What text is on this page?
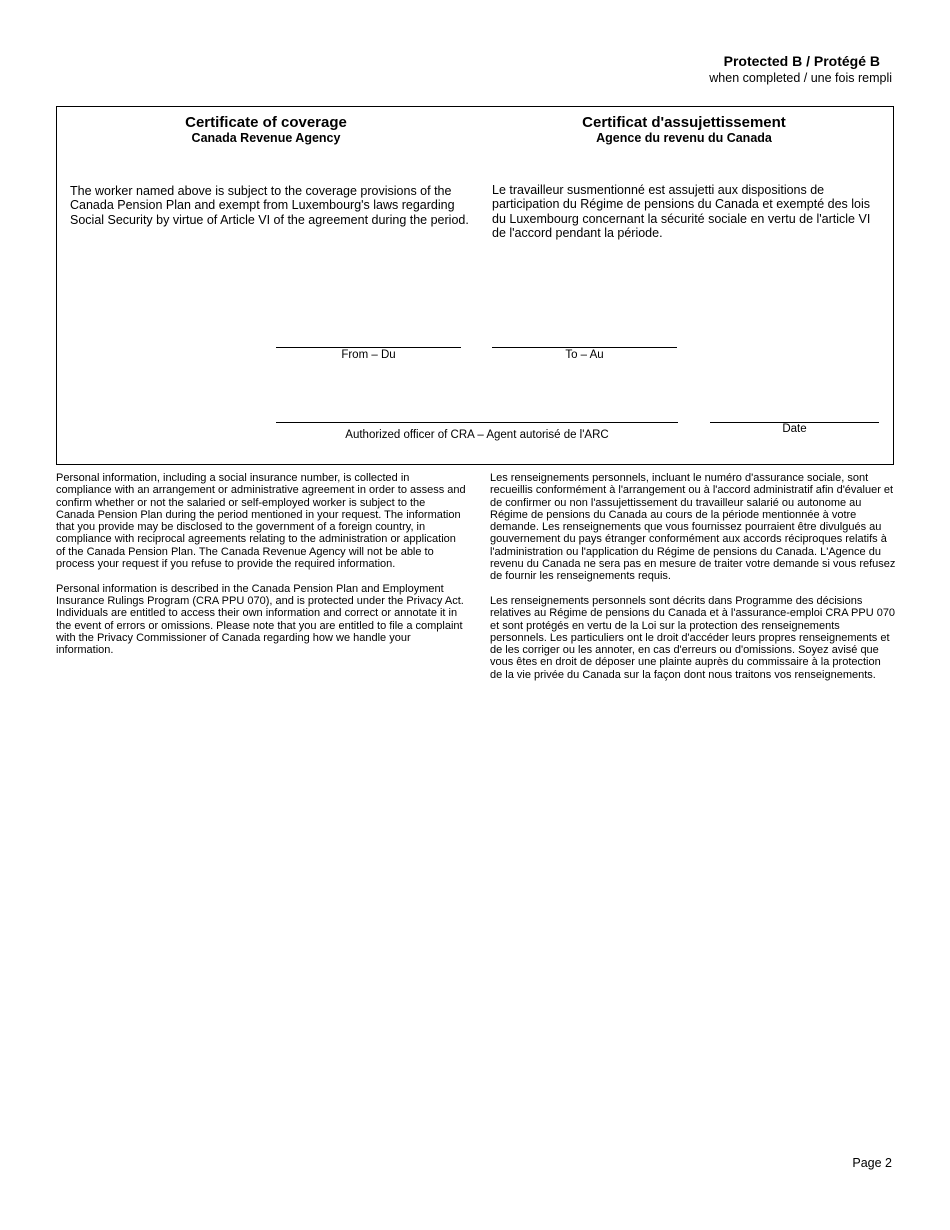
Protected B / Protégé B
when completed / une fois rempli
Certificate of coverage
Canada Revenue Agency
Certificat d'assujettissement
Agence du revenu du Canada
The worker named above is subject to the coverage provisions of the Canada Pension Plan and exempt from Luxembourg's laws regarding Social Security by virtue of Article VI of the agreement during the period.
Le travailleur susmentionné est assujetti aux dispositions de participation du Régime de pensions du Canada et exempté des lois du Luxembourg concernant la sécurité sociale en vertu de l'article VI de l'accord pendant la période.
From – Du	To – Au
Authorized officer of CRA – Agent autorisé de l'ARC	Date

Personal information, including a social insurance number, is collected in compliance with an arrangement or administrative agreement in order to assess and confirm whether or not the salaried or self-employed worker is subject to the Canada Pension Plan during the period mentioned in your request. The information that you provide may be disclosed to the government of a foreign country, in compliance with reciprocal agreements relating to the administration or application of the Canada Pension Plan. The Canada Revenue Agency will not be able to process your request if you refuse to provide the required information.

Personal information is described in the Canada Pension Plan and Employment Insurance Rulings Program (CRA PPU 070), and is protected under the Privacy Act. Individuals are entitled to access their own information and correct or annotate it in the event of errors or omissions. Please note that you are entitled to file a complaint with the Privacy Commissioner of Canada regarding how we handle your information.

Les renseignements personnels, incluant le numéro d'assurance sociale, sont recueillis conformément à l'arrangement ou à l'accord administratif afin d'évaluer et de confirmer ou non l'assujettissement du travailleur salarié ou autonome au Régime de pensions du Canada au cours de la période mentionnée à votre demande. Les renseignements que vous fournissez pourraient être divulgués au gouvernement du pays étranger conformément aux accords réciproques relatifs à l'administration ou l'application du Régime de pensions du Canada. L'Agence du revenu du Canada ne sera pas en mesure de traiter votre demande si vous refusez de fournir les renseignements requis.

Les renseignements personnels sont décrits dans Programme des décisions relatives au Régime de pensions du Canada et à l'assurance-emploi CRA PPU 070 et sont protégés en vertu de la Loi sur la protection des renseignements personnels. Les particuliers ont le droit d'accéder leurs propres renseignements et de les corriger ou les annoter, en cas d'erreurs ou d'omissions. Soyez avisé que vous êtes en droit de déposer une plainte auprès du commissaire à la protection de la vie privée du Canada sur la façon dont nous traitons vos renseignements.

Page 2
